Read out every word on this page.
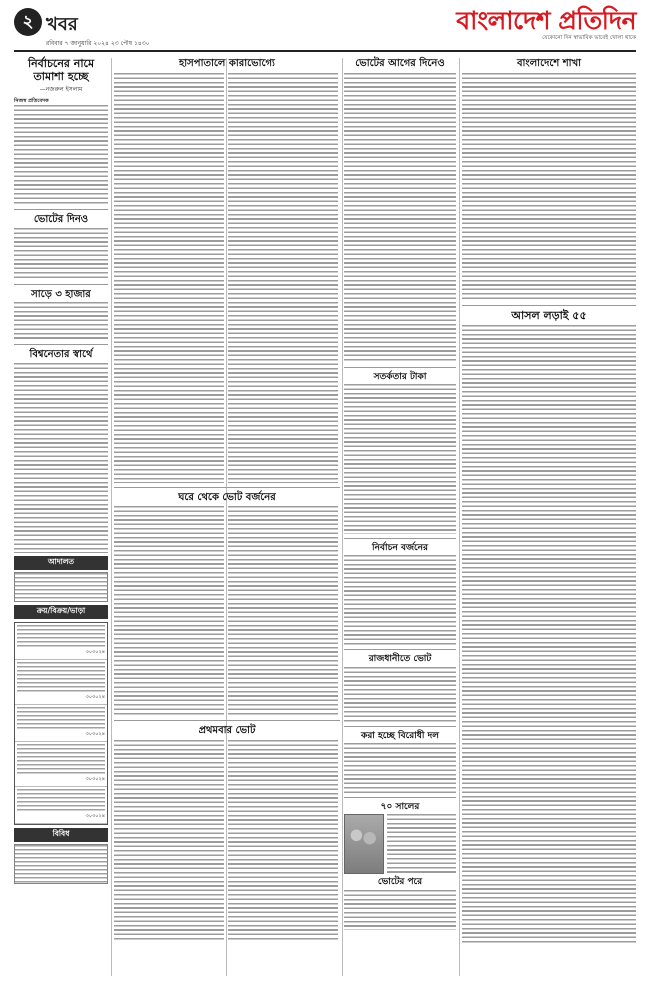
২ খবর
রবিবার ৭ জানুয়ারি ২০২৪ ২৩ পৌষ ১৪৩০
বাংলাদেশ প্রতিদিন
যেকোনো দিন স্বাভাবিক ভাবেই খোলা থাকে
নির্বাচনের নামে তামাশা হচ্ছে
—নজরুল ইসলাম
নিজস্ব প্রতিবেদক
ভোটের দিনও
সাড়ে ৩ হাজার
বিশ্বনেতার স্বার্থে
আদালত
ক্রয়/বিক্রয়/ভাড়া
৩০৩০২৪
৩০৩০২৪
৩০৩০২৪
৩০৩০২৪
৩০৩০২৪
বিবিধ
হাসপাতালে কারাভোগ্যে
ঘরে থেকে ভোট বর্জনের
প্রথমবার ভোট
ভোটের আগের দিনেও
সতর্কতার টাকা
নির্বাচন বর্জনের
রাজধানীতে ভোট
করা হচ্ছে বিরোধী দল
৭০ সালের
ভোটের পরে
বাংলাদেশে শাখা
আসল লড়াই ৫৫
